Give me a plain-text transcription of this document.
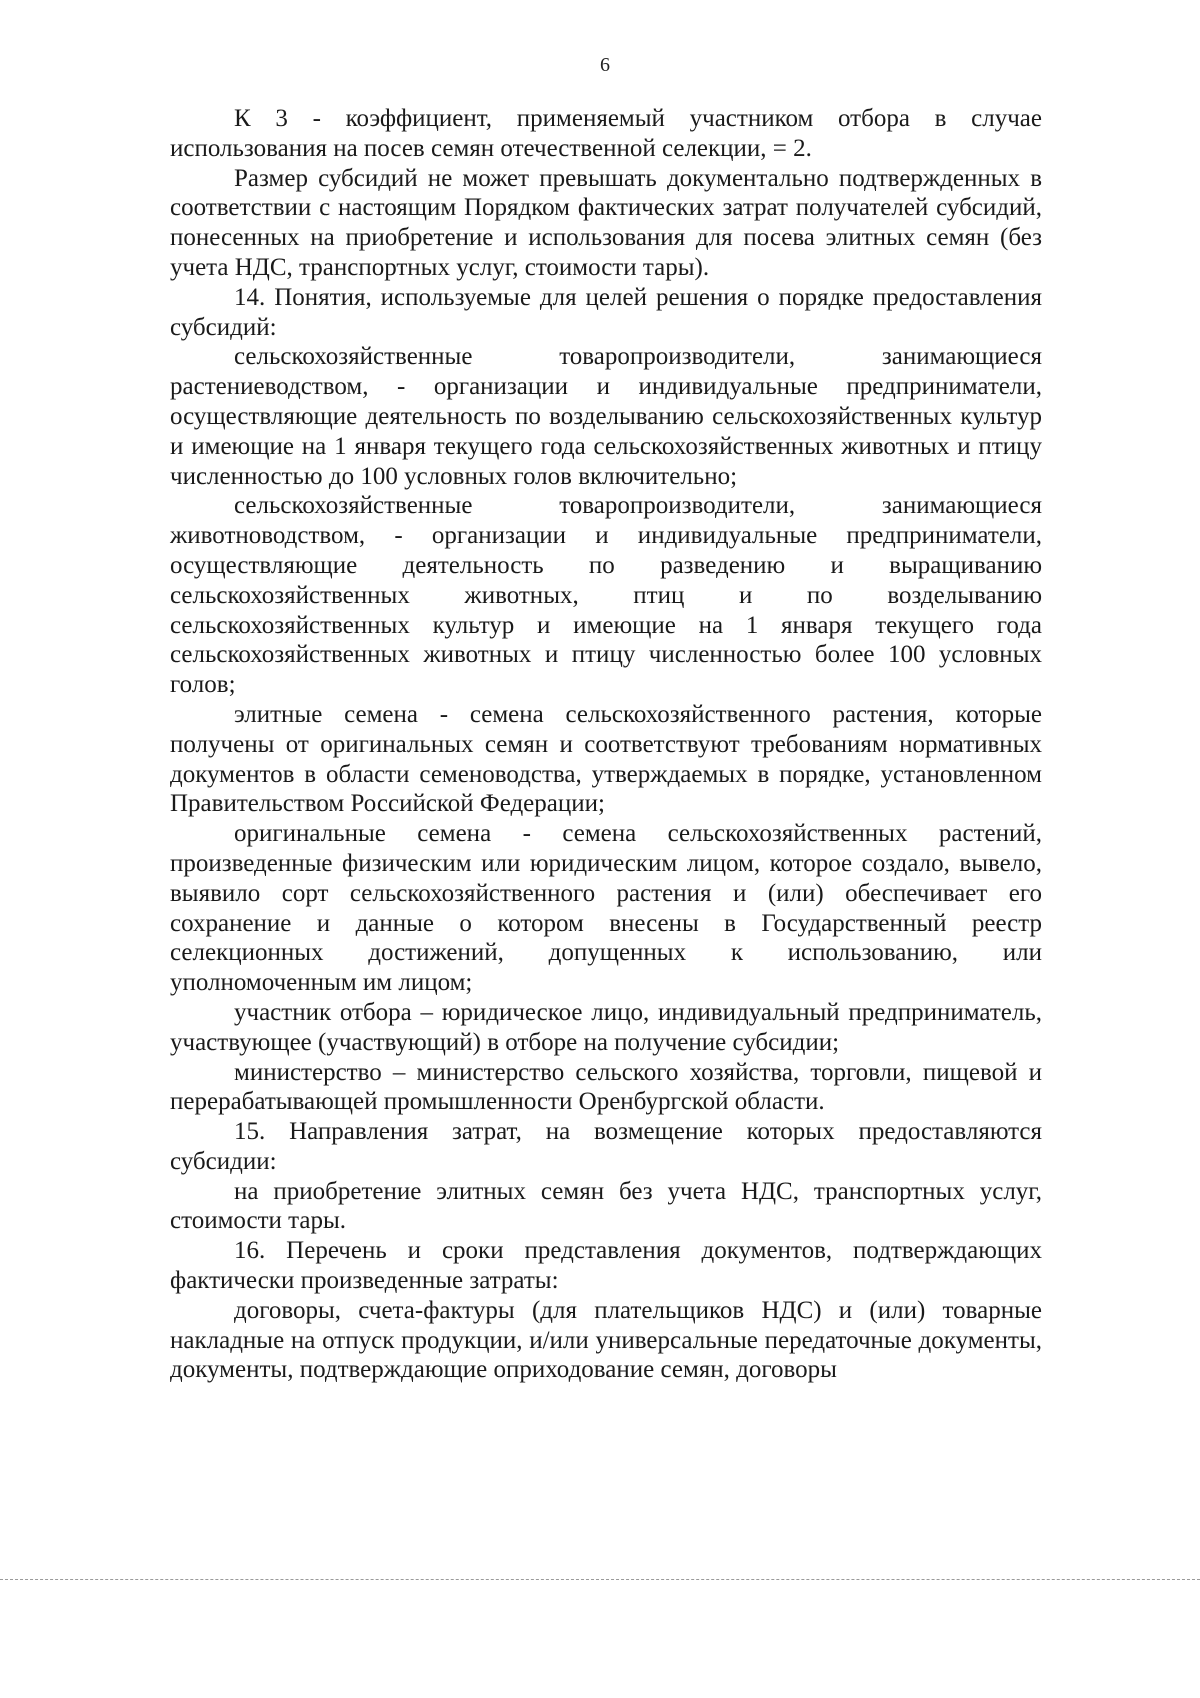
6

К 3 - коэффициент, применяемый участником отбора в случае использования на посев семян отечественной селекции, = 2.

Размер субсидий не может превышать документально подтвержденных в соответствии с настоящим Порядком фактических затрат получателей субсидий, понесенных на приобретение и использования для посева элитных семян (без учета НДС, транспортных услуг, стоимости тары).

14. Понятия, используемые для целей решения о порядке предоставления субсидий:

сельскохозяйственные товаропроизводители, занимающиеся растениеводством, - организации и индивидуальные предприниматели, осуществляющие деятельность по возделыванию сельскохозяйственных культур и имеющие на 1 января текущего года сельскохозяйственных животных и птицу численностью до 100 условных голов включительно;

сельскохозяйственные товаропроизводители, занимающиеся животноводством, - организации и индивидуальные предприниматели, осуществляющие деятельность по разведению и выращиванию сельскохозяйственных животных, птиц и по возделыванию сельскохозяйственных культур и имеющие на 1 января текущего года сельскохозяйственных животных и птицу численностью более 100 условных голов;

элитные семена - семена сельскохозяйственного растения, которые получены от оригинальных семян и соответствуют требованиям нормативных документов в области семеноводства, утверждаемых в порядке, установленном Правительством Российской Федерации;

оригинальные семена - семена сельскохозяйственных растений, произведенные физическим или юридическим лицом, которое создало, вывело, выявило сорт сельскохозяйственного растения и (или) обеспечивает его сохранение и данные о котором внесены в Государственный реестр селекционных достижений, допущенных к использованию, или уполномоченным им лицом;

участник отбора – юридическое лицо, индивидуальный предприниматель, участвующее (участвующий) в отборе на получение субсидии;

министерство – министерство сельского хозяйства, торговли, пищевой и перерабатывающей промышленности Оренбургской области.

15. Направления затрат, на возмещение которых предоставляются субсидии:

на приобретение элитных семян без учета НДС, транспортных услуг, стоимости тары.

16. Перечень и сроки представления документов, подтверждающих фактически произведенные затраты:

договоры, счета-фактуры (для плательщиков НДС) и (или) товарные накладные на отпуск продукции, и/или универсальные передаточные документы, документы, подтверждающие оприходование семян, договоры
